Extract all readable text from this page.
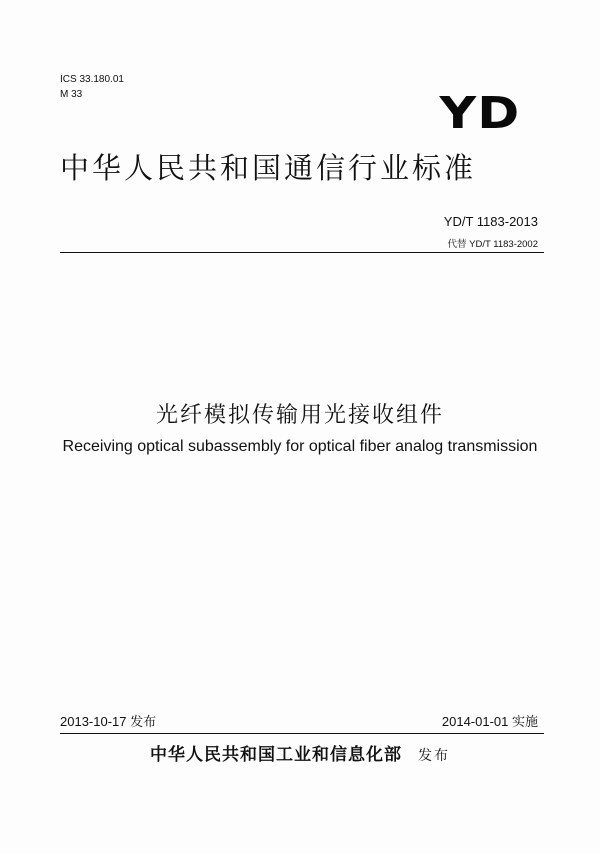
ICS 33.180.01
M 33	YD
中华人民共和国通信行业标准
YD/T 1183-2013
代替 YD/T 1183-2002
光纤模拟传输用光接收组件
Receiving optical subassembly for optical fiber analog transmission
2013-10-17 发布	2014-01-01 实施
中华人民共和国工业和信息化部 发布
